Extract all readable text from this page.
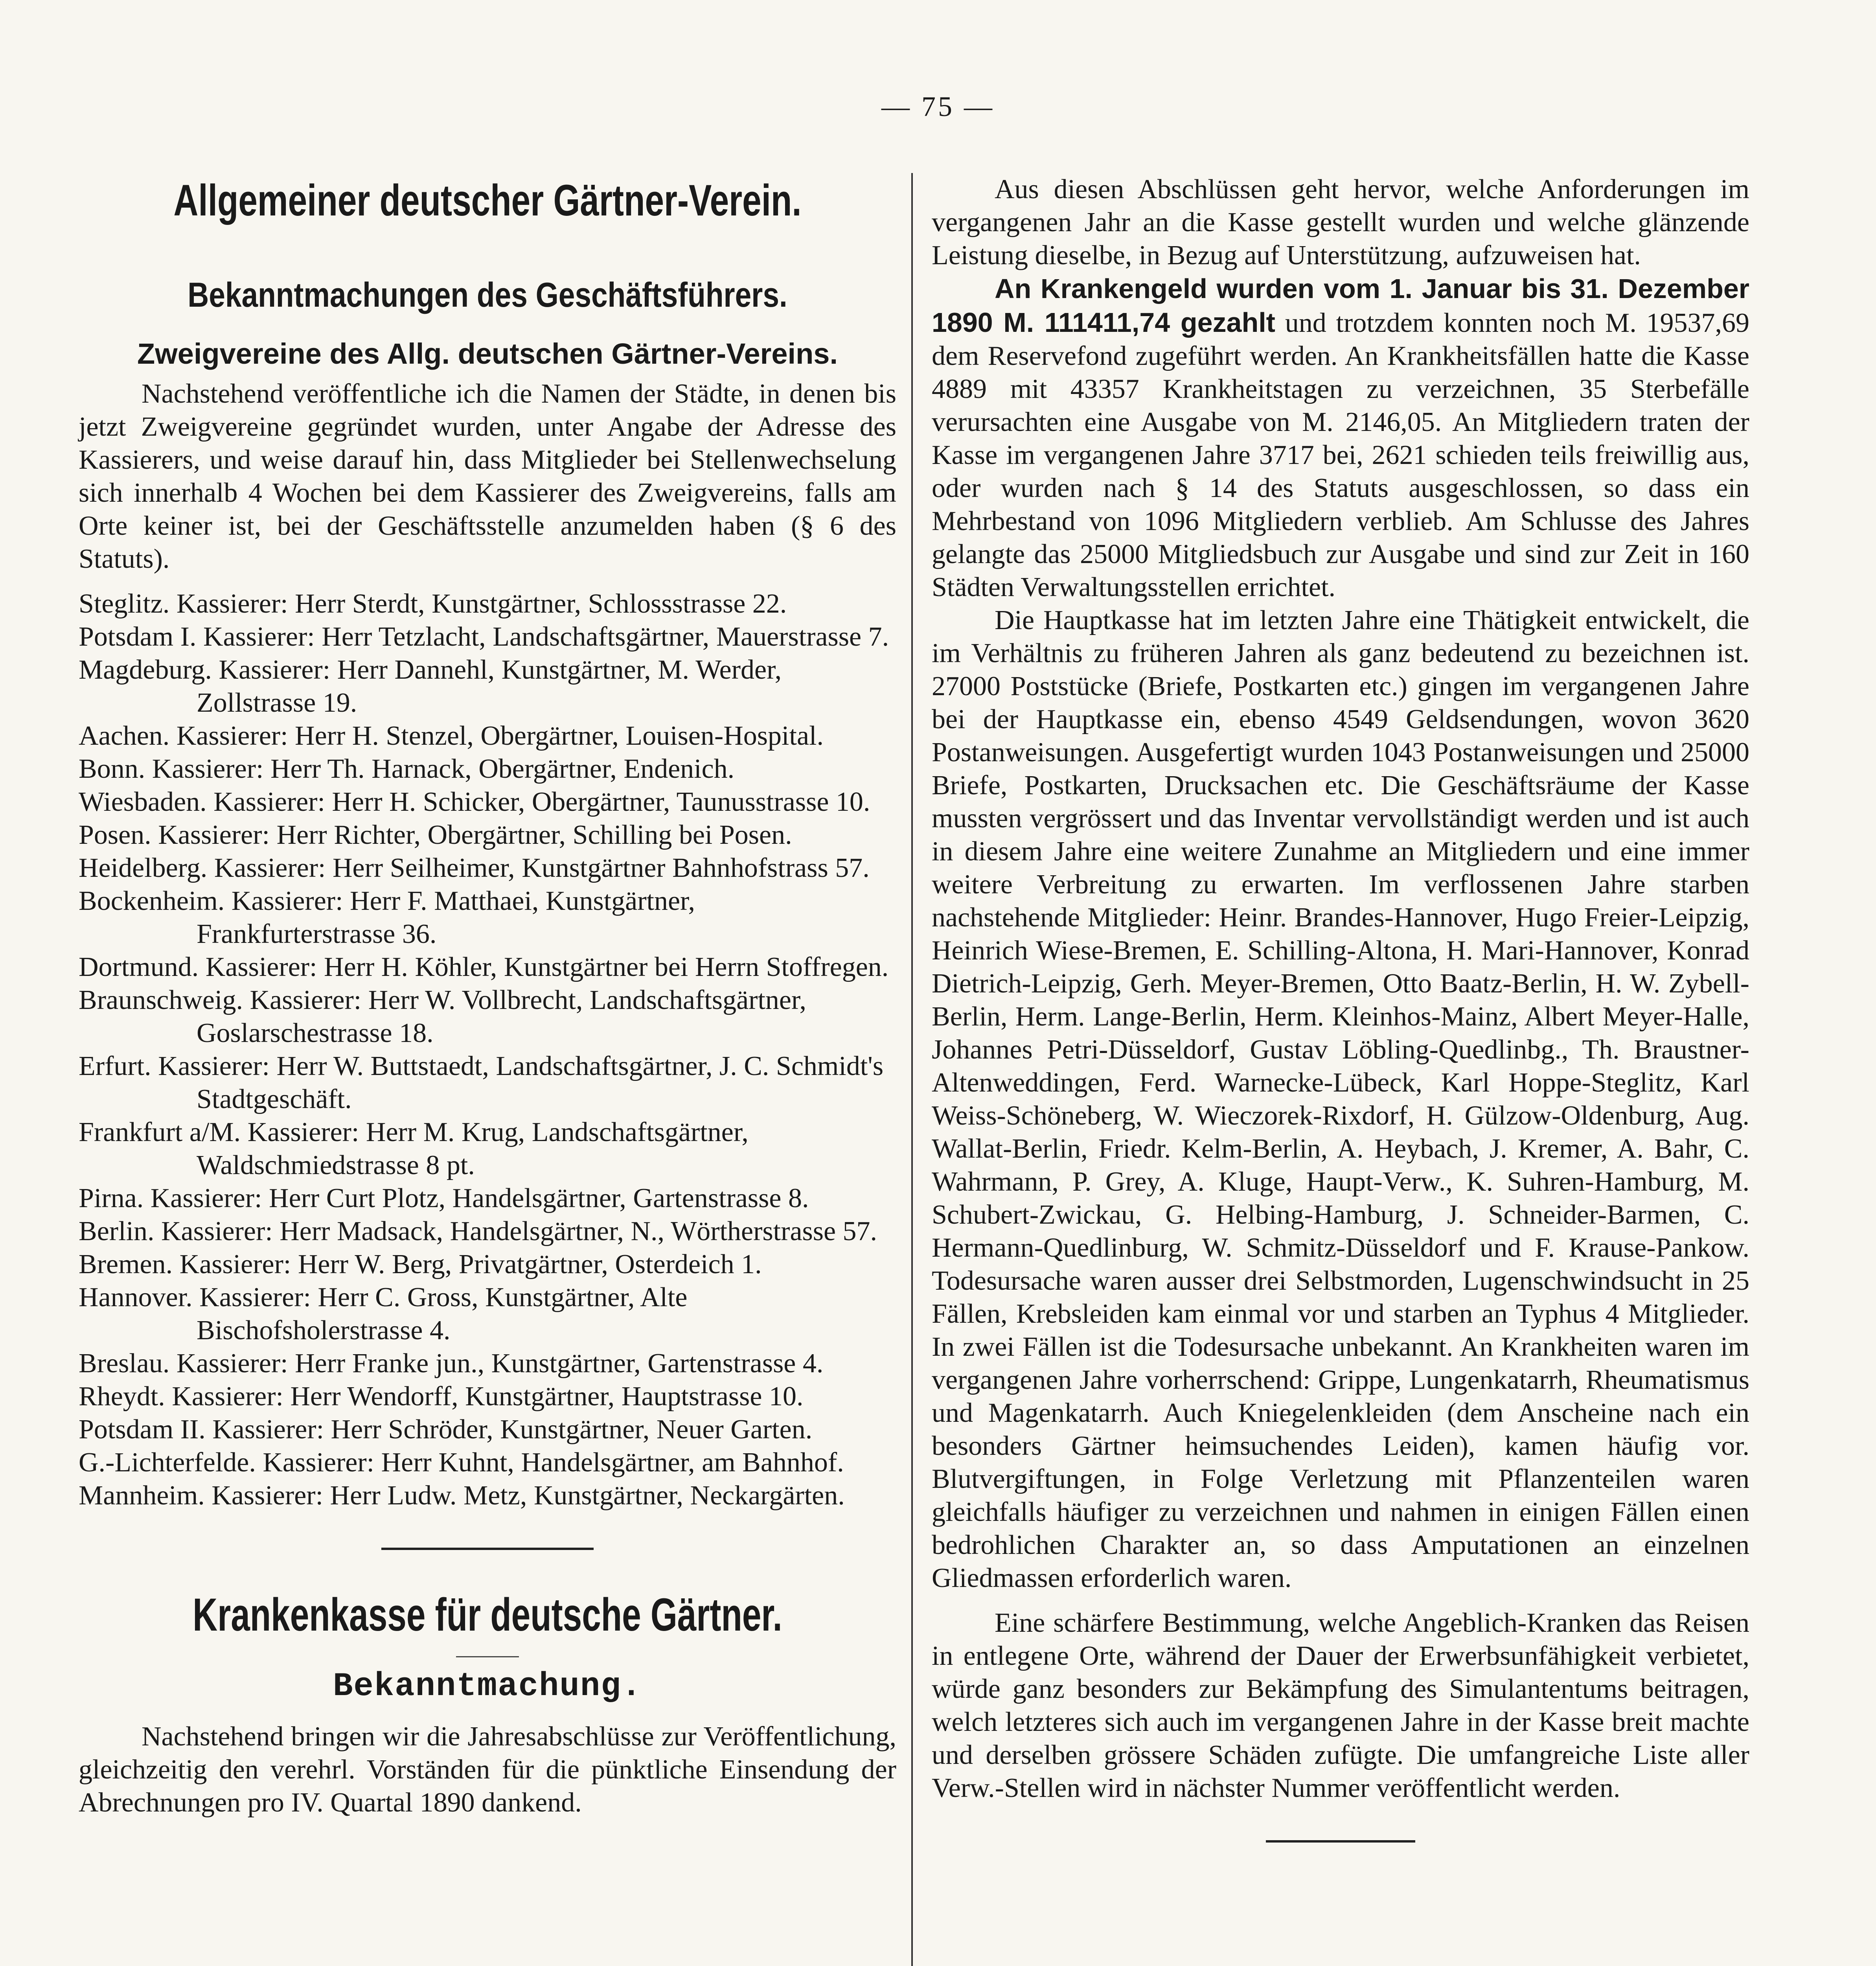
— 75 —
Allgemeiner deutscher Gärtner-Verein.
Bekanntmachungen des Geschäftsführers.
Zweigvereine des Allg. deutschen Gärtner-Vereins.

Nachstehend veröffentliche ich die Namen der Städte, in denen bis jetzt Zweigvereine gegründet wurden, unter Angabe der Adresse des Kassierers, und weise darauf hin, dass Mitglieder bei Stellenwechselung sich innerhalb 4 Wochen bei dem Kassierer des Zweigvereins, falls am Orte keiner ist, bei der Geschäftsstelle anzumelden haben (§ 6 des Statuts).

Steglitz. Kassierer: Herr Sterdt, Kunstgärtner, Schlossstrasse 22.

Potsdam I. Kassierer: Herr Tetzlacht, Landschaftsgärtner, Mauerstrasse 7.

Magdeburg. Kassierer: Herr Dannehl, Kunstgärtner, M. Werder, Zollstrasse 19.

Aachen. Kassierer: Herr H. Stenzel, Obergärtner, Louisen-Hospital.

Bonn. Kassierer: Herr Th. Harnack, Obergärtner, Endenich.

Wiesbaden. Kassierer: Herr H. Schicker, Obergärtner, Taunusstrasse 10.

Posen. Kassierer: Herr Richter, Obergärtner, Schilling bei Posen.

Heidelberg. Kassierer: Herr Seilheimer, Kunstgärtner Bahnhofstrass 57.

Bockenheim. Kassierer: Herr F. Matthaei, Kunstgärtner, Frankfurterstrasse 36.

Dortmund. Kassierer: Herr H. Köhler, Kunstgärtner bei Herrn Stoffregen.

Braunschweig. Kassierer: Herr W. Vollbrecht, Landschaftsgärtner, Goslarschestrasse 18.

Erfurt. Kassierer: Herr W. Buttstaedt, Landschaftsgärtner, J. C. Schmidt's Stadtgeschäft.

Frankfurt a/M. Kassierer: Herr M. Krug, Landschaftsgärtner, Waldschmiedstrasse 8 pt.

Pirna. Kassierer: Herr Curt Plotz, Handelsgärtner, Gartenstrasse 8.

Berlin. Kassierer: Herr Madsack, Handelsgärtner, N., Wörtherstrasse 57.

Bremen. Kassierer: Herr W. Berg, Privatgärtner, Osterdeich 1.

Hannover. Kassierer: Herr C. Gross, Kunstgärtner, Alte Bischofsholerstrasse 4.

Breslau. Kassierer: Herr Franke jun., Kunstgärtner, Gartenstrasse 4.

Rheydt. Kassierer: Herr Wendorff, Kunstgärtner, Hauptstrasse 10.

Potsdam II. Kassierer: Herr Schröder, Kunstgärtner, Neuer Garten.

G.-Lichterfelde. Kassierer: Herr Kuhnt, Handelsgärtner, am Bahnhof.

Mannheim. Kassierer: Herr Ludw. Metz, Kunstgärtner, Neckargärten.

Krankenkasse für deutsche Gärtner.
Bekanntmachung.

Nachstehend bringen wir die Jahresabschlüsse zur Veröffentlichung, gleichzeitig den verehrl. Vorständen für die pünktliche Einsendung der Abrechnungen pro IV. Quartal 1890 dankend.

Aus diesen Abschlüssen geht hervor, welche Anforderungen im vergangenen Jahr an die Kasse gestellt wurden und welche glänzende Leistung dieselbe, in Bezug auf Unterstützung, aufzuweisen hat.

An Krankengeld wurden vom 1. Januar bis 31. Dezember 1890 M. 111411,74 gezahlt und trotzdem konnten noch M. 19537,69 dem Reservefond zugeführt werden. An Krankheitsfällen hatte die Kasse 4889 mit 43357 Krankheitstagen zu verzeichnen, 35 Sterbefälle verursachten eine Ausgabe von M. 2146,05. An Mitgliedern traten der Kasse im vergangenen Jahre 3717 bei, 2621 schieden teils freiwillig aus, oder wurden nach § 14 des Statuts ausgeschlossen, so dass ein Mehrbestand von 1096 Mitgliedern verblieb. Am Schlusse des Jahres gelangte das 25000 Mitgliedsbuch zur Ausgabe und sind zur Zeit in 160 Städten Verwaltungsstellen errichtet.

Die Hauptkasse hat im letzten Jahre eine Thätigkeit entwickelt, die im Verhältnis zu früheren Jahren als ganz bedeutend zu bezeichnen ist. 27000 Poststücke (Briefe, Postkarten etc.) gingen im vergangenen Jahre bei der Hauptkasse ein, ebenso 4549 Geldsendungen, wovon 3620 Postanweisungen. Ausgefertigt wurden 1043 Postanweisungen und 25000 Briefe, Postkarten, Drucksachen etc. Die Geschäftsräume der Kasse mussten vergrössert und das Inventar vervollständigt werden und ist auch in diesem Jahre eine weitere Zunahme an Mitgliedern und eine immer weitere Verbreitung zu erwarten. Im verflossenen Jahre starben nachstehende Mitglieder: Heinr. Brandes-Hannover, Hugo Freier-Leipzig, Heinrich Wiese-Bremen, E. Schilling-Altona, H. Mari-Hannover, Konrad Dietrich-Leipzig, Gerh. Meyer-Bremen, Otto Baatz-Berlin, H. W. Zybell-Berlin, Herm. Lange-Berlin, Herm. Kleinhos-Mainz, Albert Meyer-Halle, Johannes Petri-Düsseldorf, Gustav Löbling-Quedlinbg., Th. Braustner-Altenweddingen, Ferd. Warnecke-Lübeck, Karl Hoppe-Steglitz, Karl Weiss-Schöneberg, W. Wieczorek-Rixdorf, H. Gülzow-Oldenburg, Aug. Wallat-Berlin, Friedr. Kelm-Berlin, A. Heybach, J. Kremer, A. Bahr, C. Wahrmann, P. Grey, A. Kluge, Haupt-Verw., K. Suhren-Hamburg, M. Schubert-Zwickau, G. Helbing-Hamburg, J. Schneider-Barmen, C. Hermann-Quedlinburg, W. Schmitz-Düsseldorf und F. Krause-Pankow. Todesursache waren ausser drei Selbstmorden, Lugenschwindsucht in 25 Fällen, Krebsleiden kam einmal vor und starben an Typhus 4 Mitglieder. In zwei Fällen ist die Todesursache unbekannt. An Krankheiten waren im vergangenen Jahre vorherrschend: Grippe, Lungenkatarrh, Rheumatismus und Magenkatarrh. Auch Kniegelenkleiden (dem Anscheine nach ein besonders Gärtner heimsuchendes Leiden), kamen häufig vor. Blutvergiftungen, in Folge Verletzung mit Pflanzenteilen waren gleichfalls häufiger zu verzeichnen und nahmen in einigen Fällen einen bedrohlichen Charakter an, so dass Amputationen an einzelnen Gliedmassen erforderlich waren.

Eine schärfere Bestimmung, welche Angeblich-Kranken das Reisen in entlegene Orte, während der Dauer der Erwerbsunfähigkeit verbietet, würde ganz besonders zur Bekämpfung des Simulantentums beitragen, welch letzteres sich auch im vergangenen Jahre in der Kasse breit machte und derselben grössere Schäden zufügte. Die umfangreiche Liste aller Verw.-Stellen wird in nächster Nummer veröffentlicht werden.
